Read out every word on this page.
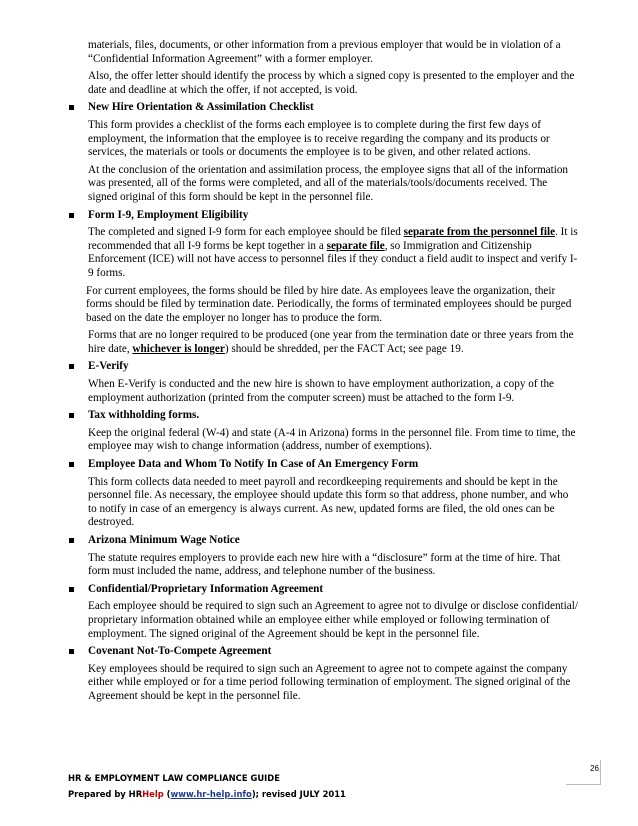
materials, files, documents, or other information from a previous employer that would be in violation of a “Confidential Information Agreement” with a former employer.

Also, the offer letter should identify the process by which a signed copy is presented to the employer and the date and deadline at which the offer, if not accepted, is void.

New Hire Orientation & Assimilation Checklist

This form provides a checklist of the forms each employee is to complete during the first few days of employment, the information that the employee is to receive regarding the company and its products or services, the materials or tools or documents the employee is to be given, and other related actions.

At the conclusion of the orientation and assimilation process, the employee signs that all of the information was presented, all of the forms were completed, and all of the materials/tools/documents received. The signed original of this form should be kept in the personnel file.

Form I-9, Employment Eligibility

The completed and signed I-9 form for each employee should be filed separate from the personnel file. It is recommended that all I-9 forms be kept together in a separate file, so Immigration and Citizenship Enforcement (ICE) will not have access to personnel files if they conduct a field audit to inspect and verify I-9 forms.

For current employees, the forms should be filed by hire date. As employees leave the organization, their forms should be filed by termination date. Periodically, the forms of terminated employees should be purged based on the date the employer no longer has to produce the form.

Forms that are no longer required to be produced (one year from the termination date or three years from the hire date, whichever is longer) should be shredded, per the FACT Act; see page 19.

E-Verify

When E-Verify is conducted and the new hire is shown to have employment authorization, a copy of the employment authorization (printed from the computer screen) must be attached to the form I-9.

Tax withholding forms.

Keep the original federal (W-4) and state (A-4 in Arizona) forms in the personnel file. From time to time, the employee may wish to change information (address, number of exemptions).

Employee Data and Whom To Notify In Case of An Emergency Form

This form collects data needed to meet payroll and recordkeeping requirements and should be kept in the personnel file. As necessary, the employee should update this form so that address, phone number, and who to notify in case of an emergency is always current. As new, updated forms are filed, the old ones can be destroyed.

Arizona Minimum Wage Notice

The statute requires employers to provide each new hire with a “disclosure” form at the time of hire. That form must included the name, address, and telephone number of the business.

Confidential/Proprietary Information Agreement

Each employee should be required to sign such an Agreement to agree not to divulge or disclose confidential/ proprietary information obtained while an employee either while employed or following termination of employment. The signed original of the Agreement should be kept in the personnel file.

Covenant Not-To-Compete Agreement

Key employees should be required to sign such an Agreement to agree not to compete against the company either while employed or for a time period following termination of employment. The signed original of the Agreement should be kept in the personnel file.

26
HR & EMPLOYMENT LAW COMPLIANCE GUIDE
Prepared by HRHelp (www.hr-help.info); revised JULY 2011
